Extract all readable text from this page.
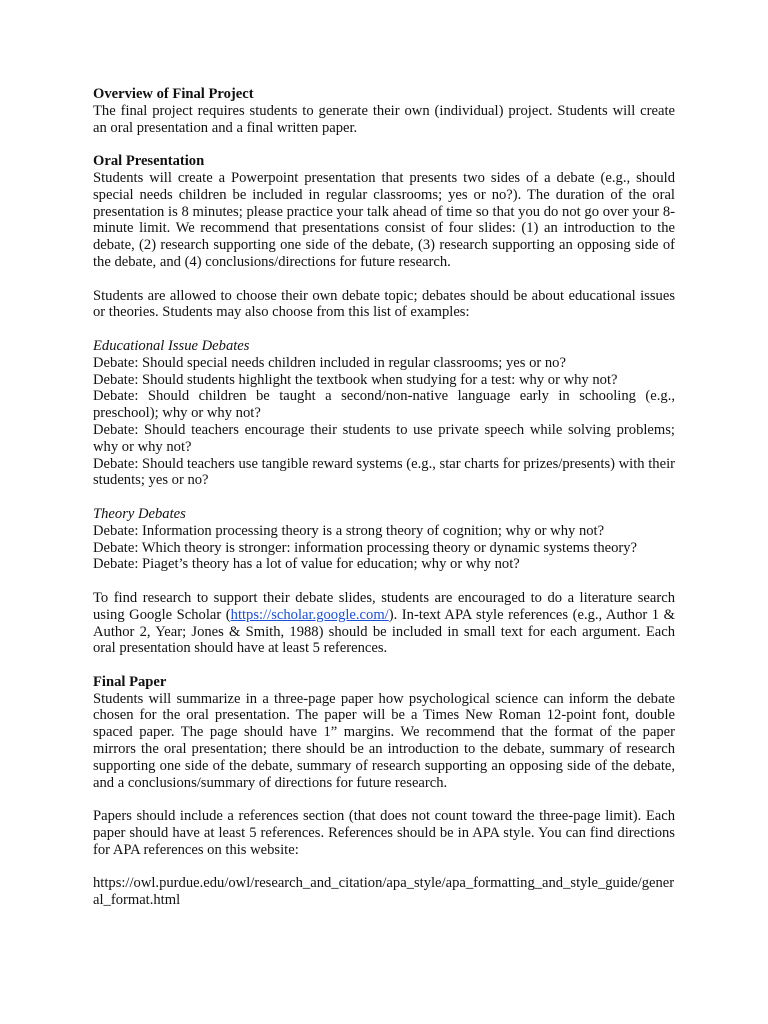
Overview of Final Project

The final project requires students to generate their own (individual) project. Students will create an oral presentation and a final written paper.

Oral Presentation

Students will create a Powerpoint presentation that presents two sides of a debate (e.g., should special needs children be included in regular classrooms; yes or no?). The duration of the oral presentation is 8 minutes; please practice your talk ahead of time so that you do not go over your 8-minute limit. We recommend that presentations consist of four slides: (1) an introduction to the debate, (2) research supporting one side of the debate, (3) research supporting an opposing side of the debate, and (4) conclusions/directions for future research.

Students are allowed to choose their own debate topic; debates should be about educational issues or theories. Students may also choose from this list of examples:

Educational Issue Debates

Debate: Should special needs children included in regular classrooms; yes or no?

Debate: Should students highlight the textbook when studying for a test: why or why not?

Debate: Should children be taught a second/non-native language early in schooling (e.g., preschool); why or why not?

Debate: Should teachers encourage their students to use private speech while solving problems; why or why not?

Debate: Should teachers use tangible reward systems (e.g., star charts for prizes/presents) with their students; yes or no?

Theory Debates

Debate: Information processing theory is a strong theory of cognition; why or why not?

Debate: Which theory is stronger: information processing theory or dynamic systems theory?

Debate: Piaget’s theory has a lot of value for education; why or why not?

To find research to support their debate slides, students are encouraged to do a literature search using Google Scholar (https://scholar.google.com/). In-text APA style references (e.g., Author 1 & Author 2, Year; Jones & Smith, 1988) should be included in small text for each argument. Each oral presentation should have at least 5 references.

Final Paper

Students will summarize in a three-page paper how psychological science can inform the debate chosen for the oral presentation. The paper will be a Times New Roman 12-point font, double spaced paper. The page should have 1” margins. We recommend that the format of the paper mirrors the oral presentation; there should be an introduction to the debate, summary of research supporting one side of the debate, summary of research supporting an opposing side of the debate, and a conclusions/summary of directions for future research.

Papers should include a references section (that does not count toward the three-page limit). Each paper should have at least 5 references. References should be in APA style. You can find directions for APA references on this website:

https://owl.purdue.edu/owl/research_and_citation/apa_style/apa_formatting_and_style_guide/general_format.html
